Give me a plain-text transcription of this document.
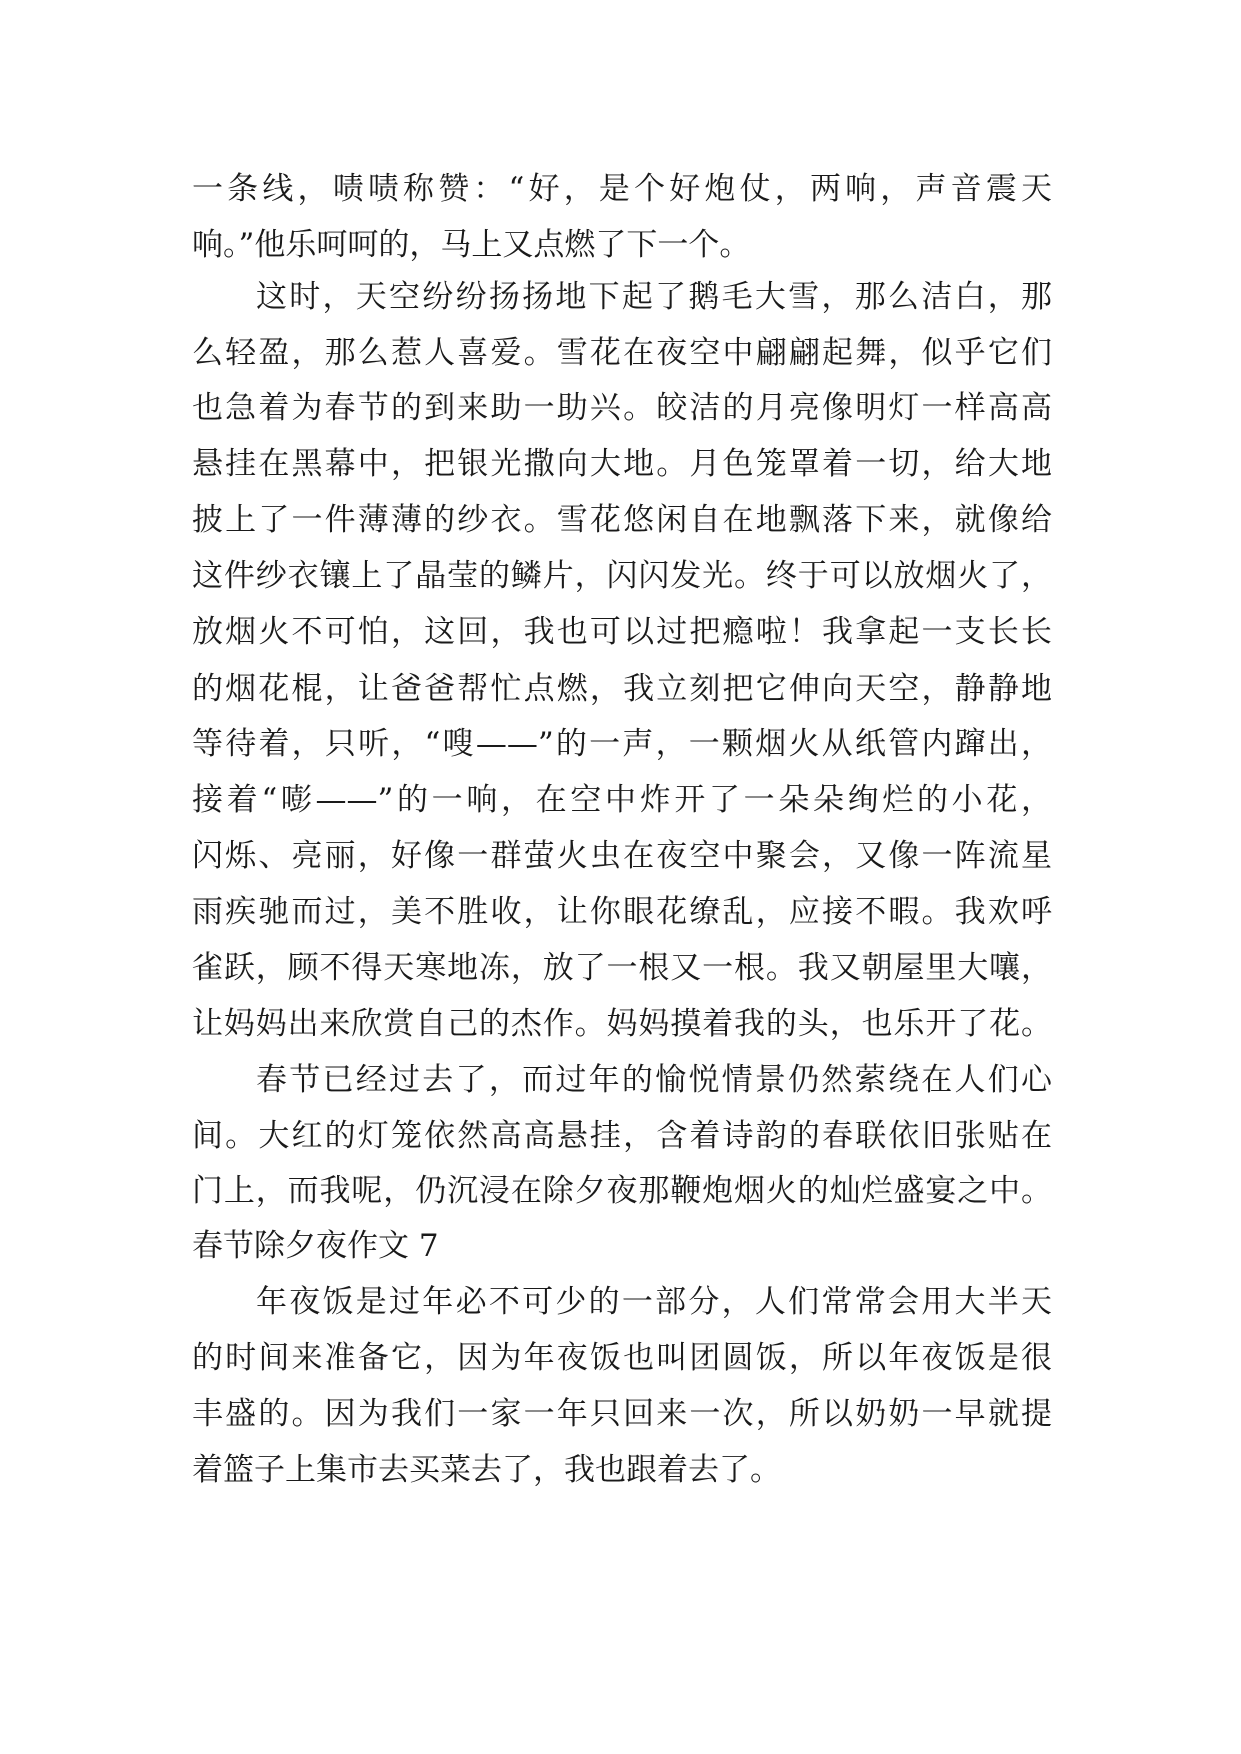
一条线，啧啧称赞：“好，是个好炮仗，两响，声音震天
响。”他乐呵呵的，马上又点燃了下一个。
这时，天空纷纷扬扬地下起了鹅毛大雪，那么洁白，那
么轻盈，那么惹人喜爱。雪花在夜空中翩翩起舞，似乎它们
也急着为春节的到来助一助兴。皎洁的月亮像明灯一样高高
悬挂在黑幕中，把银光撒向大地。月色笼罩着一切，给大地
披上了一件薄薄的纱衣。雪花悠闲自在地飘落下来，就像给
这件纱衣镶上了晶莹的鳞片，闪闪发光。终于可以放烟火了，
放烟火不可怕，这回，我也可以过把瘾啦！我拿起一支长长
的烟花棍，让爸爸帮忙点燃，我立刻把它伸向天空，静静地
等待着，只听，“嗖——”的一声，一颗烟火从纸管内蹿出，
接着“嘭——”的一响，在空中炸开了一朵朵绚烂的小花，
闪烁、亮丽，好像一群萤火虫在夜空中聚会，又像一阵流星
雨疾驰而过，美不胜收，让你眼花缭乱，应接不暇。我欢呼
雀跃，顾不得天寒地冻，放了一根又一根。我又朝屋里大嚷，
让妈妈出来欣赏自己的杰作。妈妈摸着我的头，也乐开了花。
春节已经过去了，而过年的愉悦情景仍然萦绕在人们心
间。大红的灯笼依然高高悬挂，含着诗韵的春联依旧张贴在
门上，而我呢，仍沉浸在除夕夜那鞭炮烟火的灿烂盛宴之中。
春节除夕夜作文 7
年夜饭是过年必不可少的一部分，人们常常会用大半天
的时间来准备它，因为年夜饭也叫团圆饭，所以年夜饭是很
丰盛的。因为我们一家一年只回来一次，所以奶奶一早就提
着篮子上集市去买菜去了，我也跟着去了。
